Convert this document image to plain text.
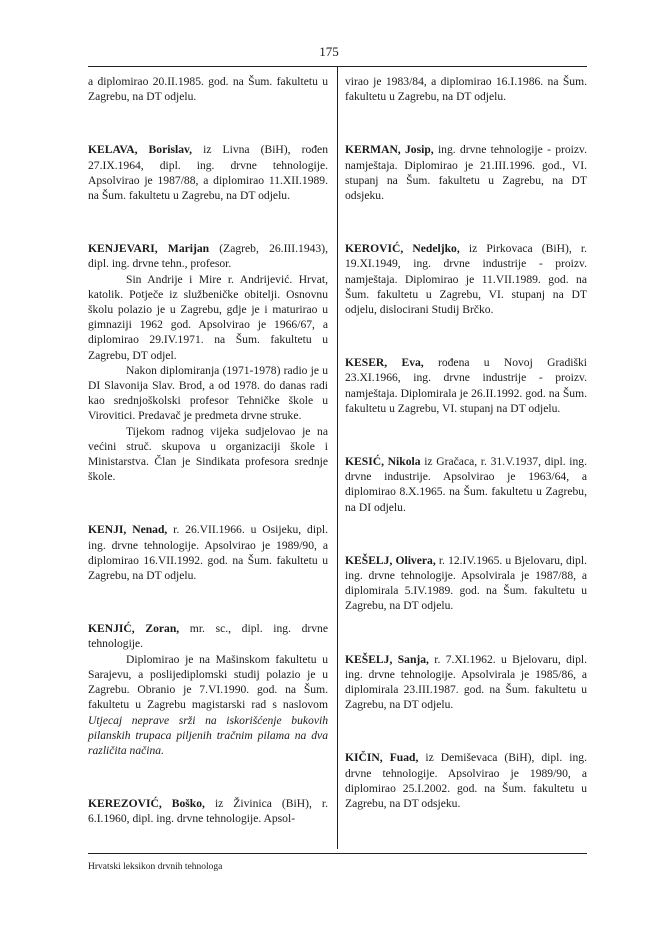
175

a diplomirao 20.II.1985. god. na Šum. fakultetu u Zagrebu, na DT odjelu.

KELAVA, Borislav, iz Livna (BiH), rođen 27.IX.1964, dipl. ing. drvne tehnologije. Apsolvirao je 1987/88, a diplomirao 11.XII.1989. na Šum. fakultetu u Zagrebu, na DT odjelu.

KENJEVARI, Marijan (Zagreb, 26.III.1943), dipl. ing. drvne tehn., profesor.

Sin Andrije i Mire r. Andrijević. Hrvat, katolik. Potječe iz službeničke obitelji. Osnovnu školu polazio je u Zagrebu, gdje je i maturirao u gimnaziji 1962 god. Apsolvirao je 1966/67, a diplomirao 29.IV.1971. na Šum. fakultetu u Zagrebu, DT odjel.

Nakon diplomiranja (1971-1978) radio je u DI Slavonija Slav. Brod, a od 1978. do danas radi kao srednjoškolski profesor Tehničke škole u Virovitici. Predavač je predmeta drvne struke.

Tijekom radnog vijeka sudjelovao je na većini struč. skupova u organizaciji škole i Ministarstva. Član je Sindikata profesora srednje škole.

KENJI, Nenad, r. 26.VII.1966. u Osijeku, dipl. ing. drvne tehnologije. Apsolvirao je 1989/90, a diplomirao 16.VII.1992. god. na Šum. fakultetu u Zagrebu, na DT odjelu.

KENJIĆ, Zoran, mr. sc., dipl. ing. drvne tehnologije.

Diplomirao je na Mašinskom fakultetu u Sarajevu, a poslijediplomski studij polazio je u Zagrebu. Obranio je 7.VI.1990. god. na Šum. fakultetu u Zagrebu magistarski rad s naslovom Utjecaj neprave srži na iskorišćenje bukovih pilanskih trupaca piljenih tračnim pilama na dva različita načina.

KEREZOVIĆ, Boško, iz Živinica (BiH), r. 6.I.1960, dipl. ing. drvne tehnologije. Apsol-

virao je 1983/84, a diplomirao 16.I.1986. na Šum. fakultetu u Zagrebu, na DT odjelu.

KERMAN, Josip, ing. drvne tehnologije - proizv. namještaja. Diplomirao je 21.III.1996. god., VI. stupanj na Šum. fakultetu u Zagrebu, na DT odsjeku.

KEROVIĆ, Nedeljko, iz Pirkovaca (BiH), r. 19.XI.1949, ing. drvne industrije - proizv. namještaja. Diplomirao je 11.VII.1989. god. na Šum. fakultetu u Zagrebu, VI. stupanj na DT odjelu, dislocirani Studij Brčko.

KESER, Eva, rođena u Novoj Gradiški 23.XI.1966, ing. drvne industrije - proizv. namještaja. Diplomirala je 26.II.1992. god. na Šum. fakultetu u Zagrebu, VI. stupanj na DT odjelu.

KESIĆ, Nikola iz Gračaca, r. 31.V.1937, dipl. ing. drvne industrije. Apsolvirao je 1963/64, a diplomirao 8.X.1965. na Šum. fakultetu u Zagrebu, na DI odjelu.

KEŠELJ, Olivera, r. 12.IV.1965. u Bjelovaru, dipl. ing. drvne tehnologije. Apsolvirala je 1987/88, a diplomirala 5.IV.1989. god. na Šum. fakultetu u Zagrebu, na DT odjelu.

KEŠELJ, Sanja, r. 7.XI.1962. u Bjelovaru, dipl. ing. drvne tehnologije. Apsolvirala je 1985/86, a diplomirala 23.III.1987. god. na Šum. fakultetu u Zagrebu, na DT odjelu.

KIČIN, Fuad, iz Demiševaca (BiH), dipl. ing. drvne tehnologije. Apsolvirao je 1989/90, a diplomirao 25.I.2002. god. na Šum. fakultetu u Zagrebu, na DT odsjeku.

Hrvatski leksikon drvnih tehnologa
